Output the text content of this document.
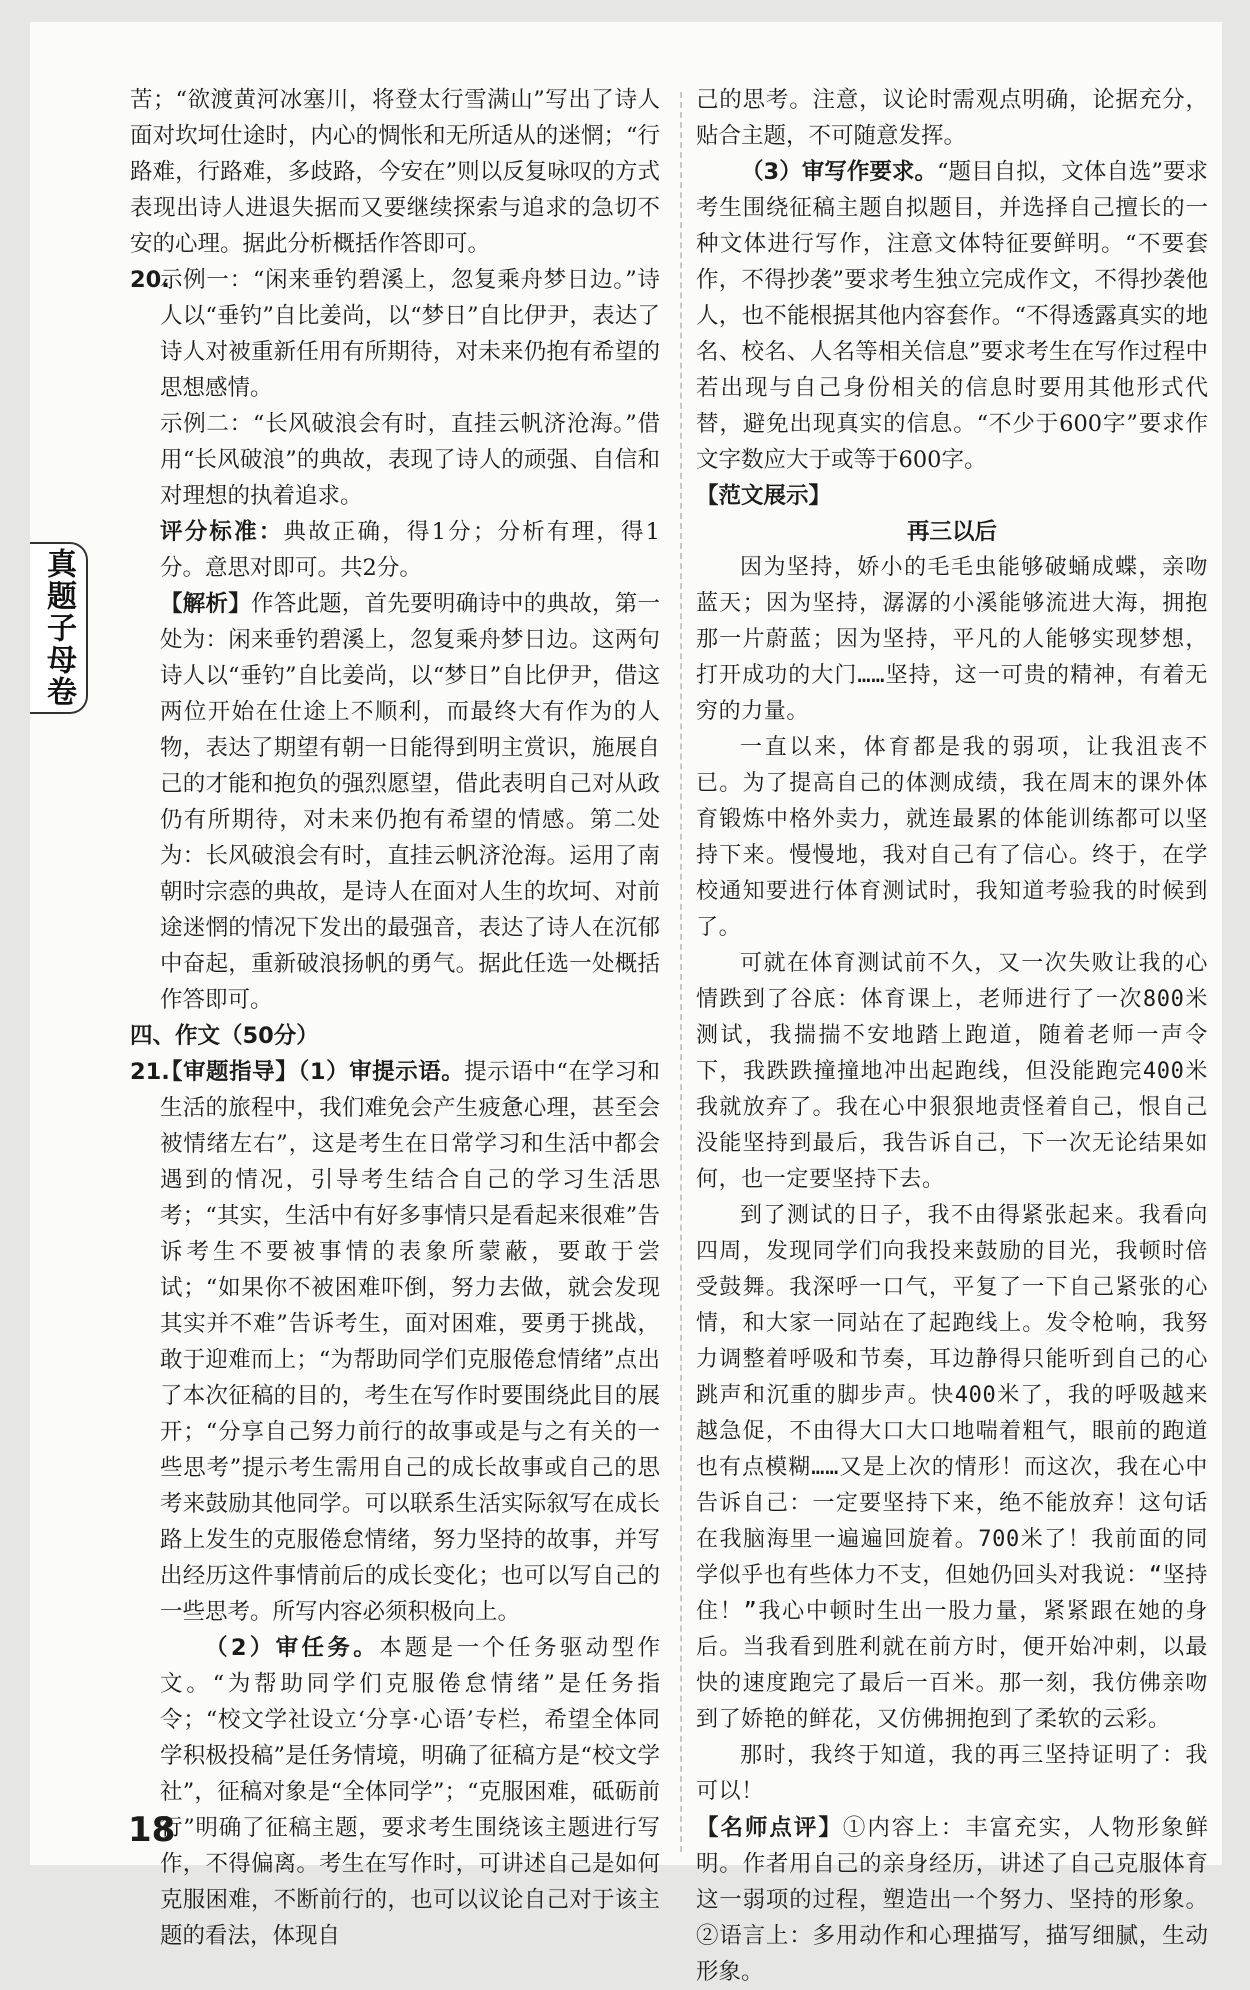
真题子母卷

苦；“欲渡黄河冰塞川，将登太行雪满山”写出了诗人面对坎坷仕途时，内心的惆怅和无所适从的迷惘；“行路难，行路难，多歧路，今安在”则以反复咏叹的方式表现出诗人进退失据而又要继续探索与追求的急切不安的心理。据此分析概括作答即可。

20.

示例一：“闲来垂钓碧溪上，忽复乘舟梦日边。”诗人以“垂钓”自比姜尚，以“梦日”自比伊尹，表达了诗人对被重新任用有所期待，对未来仍抱有希望的思想感情。

示例二：“长风破浪会有时，直挂云帆济沧海。”借用“长风破浪”的典故，表现了诗人的顽强、自信和对理想的执着追求。

评分标准：典故正确，得1分；分析有理，得1分。意思对即可。共2分。

【解析】作答此题，首先要明确诗中的典故，第一处为：闲来垂钓碧溪上，忽复乘舟梦日边。这两句诗人以“垂钓”自比姜尚，以“梦日”自比伊尹，借这两位开始在仕途上不顺利，而最终大有作为的人物，表达了期望有朝一日能得到明主赏识，施展自己的才能和抱负的强烈愿望，借此表明自己对从政仍有所期待，对未来仍抱有希望的情感。第二处为：长风破浪会有时，直挂云帆济沧海。运用了南朝时宗悫的典故，是诗人在面对人生的坎坷、对前途迷惘的情况下发出的最强音，表达了诗人在沉郁中奋起，重新破浪扬帆的勇气。据此任选一处概括作答即可。

四、作文（50分）

21.

【审题指导】（1）审提示语。提示语中“在学习和生活的旅程中，我们难免会产生疲惫心理，甚至会被情绪左右”，这是考生在日常学习和生活中都会遇到的情况，引导考生结合自己的学习生活思考；“其实，生活中有好多事情只是看起来很难”告诉考生不要被事情的表象所蒙蔽，要敢于尝试；“如果你不被困难吓倒，努力去做，就会发现其实并不难”告诉考生，面对困难，要勇于挑战，敢于迎难而上；“为帮助同学们克服倦怠情绪”点出了本次征稿的目的，考生在写作时要围绕此目的展开；“分享自己努力前行的故事或是与之有关的一些思考”提示考生需用自己的成长故事或自己的思考来鼓励其他同学。可以联系生活实际叙写在成长路上发生的克服倦怠情绪，努力坚持的故事，并写出经历这件事情前后的成长变化；也可以写自己的一些思考。所写内容必须积极向上。

（2）审任务。本题是一个任务驱动型作文。“为帮助同学们克服倦怠情绪”是任务指令；“校文学社设立‘分享·心语’专栏，希望全体同学积极投稿”是任务情境，明确了征稿方是“校文学社”，征稿对象是“全体同学”；“克服困难，砥砺前行”明确了征稿主题，要求考生围绕该主题进行写作，不得偏离。考生在写作时，可讲述自己是如何克服困难，不断前行的，也可以议论自己对于该主题的看法，体现自

己的思考。注意，议论时需观点明确，论据充分，贴合主题，不可随意发挥。

（3）审写作要求。“题目自拟，文体自选”要求考生围绕征稿主题自拟题目，并选择自己擅长的一种文体进行写作，注意文体特征要鲜明。“不要套作，不得抄袭”要求考生独立完成作文，不得抄袭他人，也不能根据其他内容套作。“不得透露真实的地名、校名、人名等相关信息”要求考生在写作过程中若出现与自己身份相关的信息时要用其他形式代替，避免出现真实的信息。“不少于600字”要求作文字数应大于或等于600字。

【范文展示】

再三以后

因为坚持，娇小的毛毛虫能够破蛹成蝶，亲吻蓝天；因为坚持，潺潺的小溪能够流进大海，拥抱那一片蔚蓝；因为坚持，平凡的人能够实现梦想，打开成功的大门……坚持，这一可贵的精神，有着无穷的力量。

一直以来，体育都是我的弱项，让我沮丧不已。为了提高自己的体测成绩，我在周末的课外体育锻炼中格外卖力，就连最累的体能训练都可以坚持下来。慢慢地，我对自己有了信心。终于，在学校通知要进行体育测试时，我知道考验我的时候到了。

可就在体育测试前不久，又一次失败让我的心情跌到了谷底：体育课上，老师进行了一次800米测试，我揣揣不安地踏上跑道，随着老师一声令下，我跌跌撞撞地冲出起跑线，但没能跑完400米我就放弃了。我在心中狠狠地责怪着自己，恨自己没能坚持到最后，我告诉自己，下一次无论结果如何，也一定要坚持下去。

到了测试的日子，我不由得紧张起来。我看向四周，发现同学们向我投来鼓励的目光，我顿时倍受鼓舞。我深呼一口气，平复了一下自己紧张的心情，和大家一同站在了起跑线上。发令枪响，我努力调整着呼吸和节奏，耳边静得只能听到自己的心跳声和沉重的脚步声。快400米了，我的呼吸越来越急促，不由得大口大口地喘着粗气，眼前的跑道也有点模糊……又是上次的情形！而这次，我在心中告诉自己：一定要坚持下来，绝不能放弃！这句话在我脑海里一遍遍回旋着。700米了！我前面的同学似乎也有些体力不支，但她仍回头对我说：“坚持住！”我心中顿时生出一股力量，紧紧跟在她的身后。当我看到胜利就在前方时，便开始冲刺，以最快的速度跑完了最后一百米。那一刻，我仿佛亲吻到了娇艳的鲜花，又仿佛拥抱到了柔软的云彩。

那时，我终于知道，我的再三坚持证明了：我可以！

【名师点评】①内容上：丰富充实，人物形象鲜明。作者用自己的亲身经历，讲述了自己克服体育这一弱项的过程，塑造出一个努力、坚持的形象。②语言上：多用动作和心理描写，描写细腻，生动形象。

18
